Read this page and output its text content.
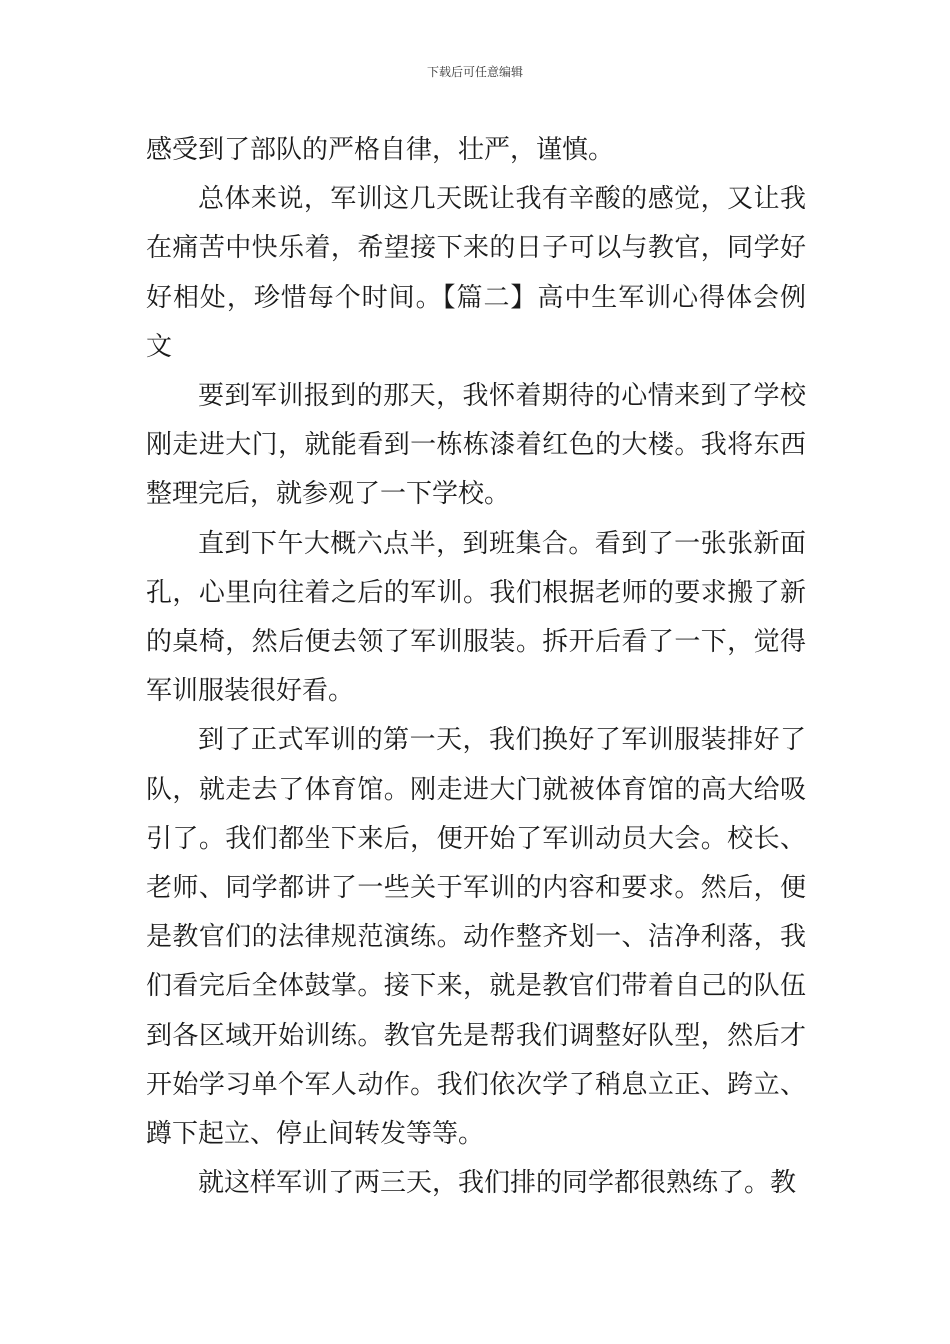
下载后可任意编辑

感受到了部队的严格自律，壮严，谨慎。

总体来说，军训这几天既让我有辛酸的感觉，又让我在痛苦中快乐着，希望接下来的日子可以与教官，同学好好相处，珍惜每个时间。【篇二】高中生军训心得体会例文

要到军训报到的那天，我怀着期待的心情来到了学校刚走进大门，就能看到一栋栋漆着红色的大楼。我将东西整理完后，就参观了一下学校。

直到下午大概六点半，到班集合。看到了一张张新面孔，心里向往着之后的军训。我们根据老师的要求搬了新的桌椅，然后便去领了军训服装。拆开后看了一下，觉得军训服装很好看。

到了正式军训的第一天，我们换好了军训服装排好了队，就走去了体育馆。刚走进大门就被体育馆的高大给吸引了。我们都坐下来后，便开始了军训动员大会。校长、老师、同学都讲了一些关于军训的内容和要求。然后，便是教官们的法律规范演练。动作整齐划一、洁净利落，我们看完后全体鼓掌。接下来，就是教官们带着自己的队伍到各区域开始训练。教官先是帮我们调整好队型，然后才开始学习单个军人动作。我们依次学了稍息立正、跨立、蹲下起立、停止间转发等等。

就这样军训了两三天，我们排的同学都很熟练了。教
